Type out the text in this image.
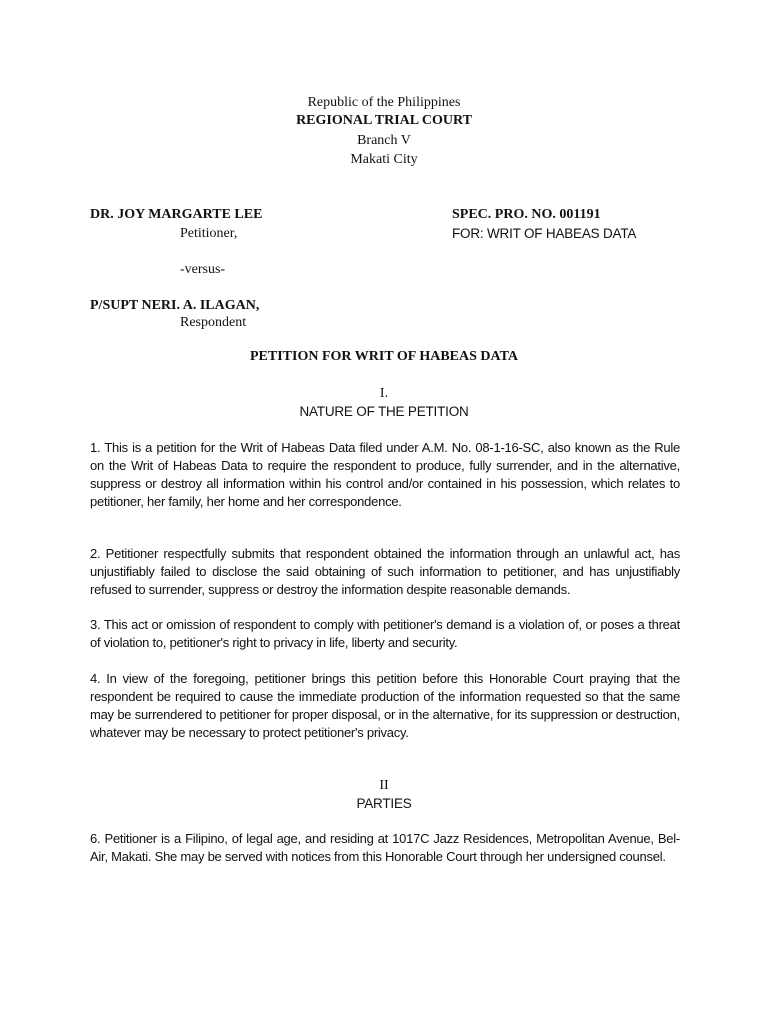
Republic of the Philippines
REGIONAL TRIAL COURT
Branch V
Makati City
DR. JOY MARGARTE LEE
Petitioner,
-versus-
P/SUPT NERI. A. ILAGAN,
Respondent
SPEC. PRO. NO. 001191
FOR: WRIT OF HABEAS DATA
PETITION FOR WRIT OF HABEAS DATA
I.
NATURE OF THE PETITION
1. This is a petition for the Writ of Habeas Data filed under A.M. No. 08-1-16-SC, also known as the Rule on the Writ of Habeas Data to require the respondent to produce, fully surrender, and in the alternative, suppress or destroy all information within his control and/or contained in his possession, which relates to petitioner, her family, her home and her correspondence.
2. Petitioner respectfully submits that respondent obtained the information through an unlawful act, has unjustifiably failed to disclose the said obtaining of such information to petitioner, and has unjustifiably refused to surrender, suppress or destroy the information despite reasonable demands.
3. This act or omission of respondent to comply with petitioner's demand is a violation of, or poses a threat of violation to, petitioner's right to privacy in life, liberty and security.
4. In view of the foregoing, petitioner brings this petition before this Honorable Court praying that the respondent be required to cause the immediate production of the information requested so that the same may be surrendered to petitioner for proper disposal, or in the alternative, for its suppression or destruction, whatever may be necessary to protect petitioner's privacy.
II
PARTIES
6. Petitioner is a Filipino, of legal age, and residing at 1017C Jazz Residences, Metropolitan Avenue, Bel-Air, Makati. She may be served with notices from this Honorable Court through her undersigned counsel.
